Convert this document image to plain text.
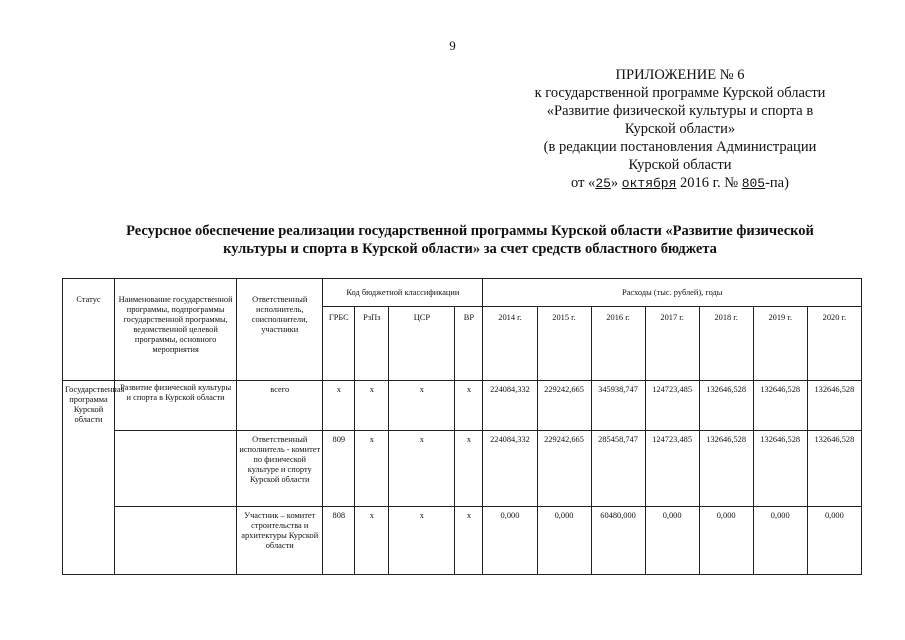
9
ПРИЛОЖЕНИЕ № 6
к государственной программе Курской области
«Развитие физической культуры и спорта в
Курской области»
(в редакции постановления Администрации
Курской области
от «25» октября 2016 г. № 805-па)
Ресурсное обеспечение реализации государственной программы Курской области «Развитие физической
культуры и спорта в Курской области» за счет средств областного бюджета
Статус	Наименование государственной программы, подпрограммы государственной программы, ведомственной целевой программы, основного мероприятия	Ответственный исполнитель, соисполнители, участники	Код бюджетной классификации				Расходы (тыс. рублей), годы						
			ГРБС	РзПз	ЦСР	ВР	2014 г.	2015 г.	2016 г.	2017 г.	2018 г.	2019 г.	2020 г.
Государственная программа Курской области	Развитие физической культуры и спорта в Курской области	всего	х	х	х	х	224084,332	229242,665	345938,747	124723,485	132646,528	132646,528	132646,528
		Ответственный исполнитель - комитет по физической культуре и спорту Курской области	809	х	х	х	224084,332	229242,665	285458,747	124723,485	132646,528	132646,528	132646,528
		Участник – комитет строительства и архитектуры Курской области	808	х	х	х	0,000	0,000	60480,000	0,000	0,000	0,000	0,000
